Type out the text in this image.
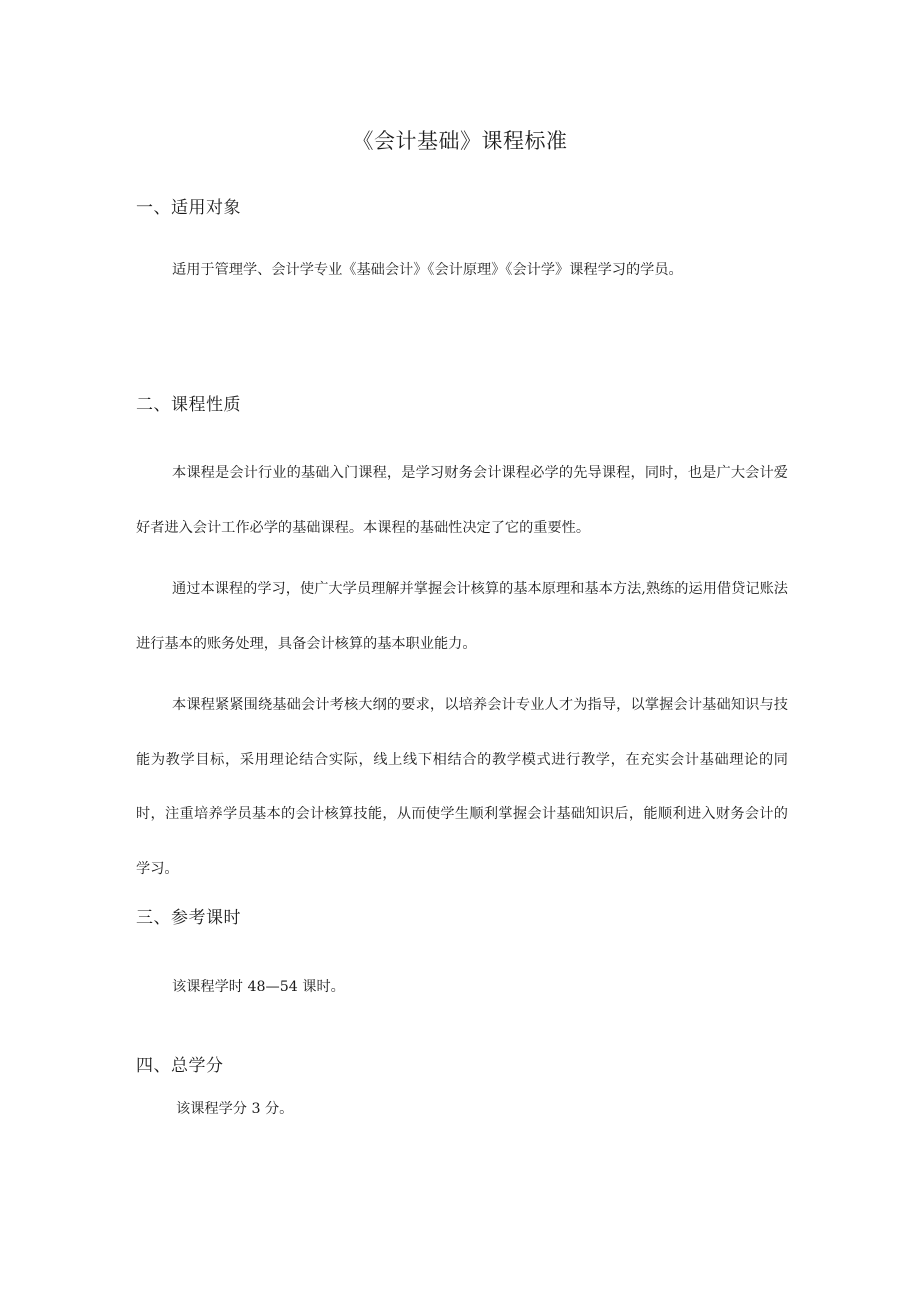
《会计基础》课程标准
一、适用对象

适用于管理学、会计学专业《基础会计》《会计原理》《会计学》课程学习的学员。

二、课程性质

本课程是会计行业的基础入门课程，是学习财务会计课程必学的先导课程，同时，也是广大会计爱好者进入会计工作必学的基础课程。本课程的基础性决定了它的重要性。

通过本课程的学习，使广大学员理解并掌握会计核算的基本原理和基本方法,熟练的运用借贷记账法进行基本的账务处理，具备会计核算的基本职业能力。

本课程紧紧围绕基础会计考核大纲的要求，以培养会计专业人才为指导，以掌握会计基础知识与技能为教学目标，采用理论结合实际，线上线下相结合的教学模式进行教学，在充实会计基础理论的同时，注重培养学员基本的会计核算技能，从而使学生顺利掌握会计基础知识后，能顺利进入财务会计的学习。

三、参考课时

该课程学时 48—54 课时。

四、总学分

该课程学分 3 分。
